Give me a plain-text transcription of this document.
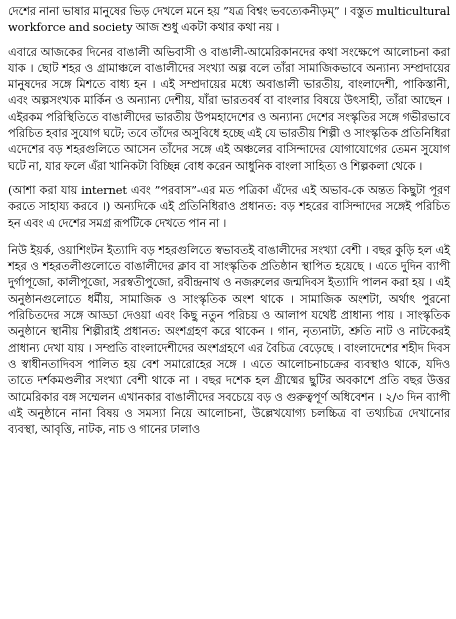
দেশের নানা ভাষার মানুষের ভিড় দেখলে মনে হয় ”যত্র বিশ্বং ভবত্যেকনীড়ম্” । বস্তুত multicultural workforce and society আজ শুধু একটা কথার কথা নয় ।

এবারে আজকের দিনের বাঙালী অভিবাসী ও বাঙালী-আমেরিকানদের কথা সংক্ষেপে আলোচনা করা যাক । ছোট শহর ও গ্রামাঞ্চলে বাঙালীদের সংখ্যা অল্প বলে তাঁরা সামাজিকভাবে অন্যান্য সম্প্রদায়ের মানুষদের সঙ্গে মিশতে বাধ্য হন । এই সম্প্রদায়ের মধ্যে অবাঙালী ভারতীয়, বাংলাদেশী, পাকিস্তানী, এবং অল্পসংখ্যক মার্কিন ও অন্যান্য দেশীয়, যাঁরা ভারতবর্ষ বা বাংলার বিষয়ে উৎসাহী, তাঁরা আছেন । এইরকম পরিস্থিতিতে বাঙালীদের ভারতীয় উপমহাদেশের ও অন্যান্য দেশের সংস্কৃতির সঙ্গে গভীরভাবে পরিচিত হবার সুযোগ ঘটে; তবে তাঁদের অসুবিধে হচ্ছে এই যে ভারতীয় শিল্পী ও সাংস্কৃতিক প্রতিনিধিরা এদেশের বড় শহরগুলিতে আসেন তাঁদের সঙ্গে এই অঞ্চলের বাসিন্দাদের যোগাযোগের তেমন সুযোগ ঘটে না, যার ফলে এঁরা খানিকটা বিচ্ছিন্ন বোধ করেন আধুনিক বাংলা সাহিত্য ও শিল্পকলা থেকে ।

(আশা করা যায় internet এবং ”পরবাস”-এর মত পত্রিকা এঁদের এই অভাব-কে অন্তত কিছুটা পূরণ করতে সাহায্য করবে ।) অন্যদিকে এই প্রতিনিধিরাও প্রধানত: বড় শহরের বাসিন্দাদের সঙ্গেই পরিচিত হন এবং এ দেশের সমগ্র রূপটিকে দেখতে পান না ।

নিউ ইয়র্ক, ওয়াশিংটন ইত্যাদি বড় শহরগুলিতে স্বভাবতই বাঙালীদের সংখ্যা বেশী । বছর কুড়ি হল এই শহর ও শহরতলীগুলোতে বাঙালীদের ক্লাব বা সাংস্কৃতিক প্রতিষ্ঠান স্থাপিত হয়েছে । এতে দুদিন ব্যাপী দুর্গাপূজো, কালীপূজো, সরস্বতীপুজো, রবীন্দ্রনাথ ও নজরুলের জন্মদিবস ইত্যাদি পালন করা হয় । এই অনুষ্ঠানগুলোতে ধর্মীয়, সামাজিক ও সাংস্কৃতিক অংশ থাকে । সামাজিক অংশটা, অর্থাৎ পুরনো পরিচিতদের সঙ্গে আড্ডা দেওয়া এবং কিছু নতুন পরিচয় ও আলাপ যথেষ্ট প্রাধান্য পায় । সাংস্কৃতিক অনুষ্ঠানে স্থানীয় শিল্পীরাই প্রধানত: অংশগ্রহণ করে থাকেন । গান, নৃত্যনাট্য, শ্রুতি নাট ও নাটকেরই প্রাধান্য দেখা যায় । সম্প্রতি বাংলাদেশীদের অংশগ্রহণে এর বৈচিত্র বেড়েছে । বাংলাদেশের শহীদ দিবস ও স্বাধীনতাদিবস পালিত হয় বেশ সমারোহের সঙ্গে । এতে আলোচনাচক্রের ব্যবস্থাও থাকে, যদিও তাতে দর্শকমণ্ডলীর সংখ্যা বেশী থাকে না । বছর দশেক হল গ্রীষ্মের ছুটির অবকাশে প্রতি বছর উত্তর আমেরিকার বঙ্গ সম্মেলন এখানকার বাঙালীদের সবচেয়ে বড় ও গুরুত্বপূর্ণ অধিবেশন । ২/৩ দিন ব্যাপী এই অনুষ্ঠানে নানা বিষয় ও সমস্যা নিয়ে আলোচনা, উল্লেখযোগ্য চলচ্চিত্র বা তথ্যচিত্র দেখানোর ব্যবস্থা, আবৃত্তি, নাটক, নাচ ও গানের ঢালাও
